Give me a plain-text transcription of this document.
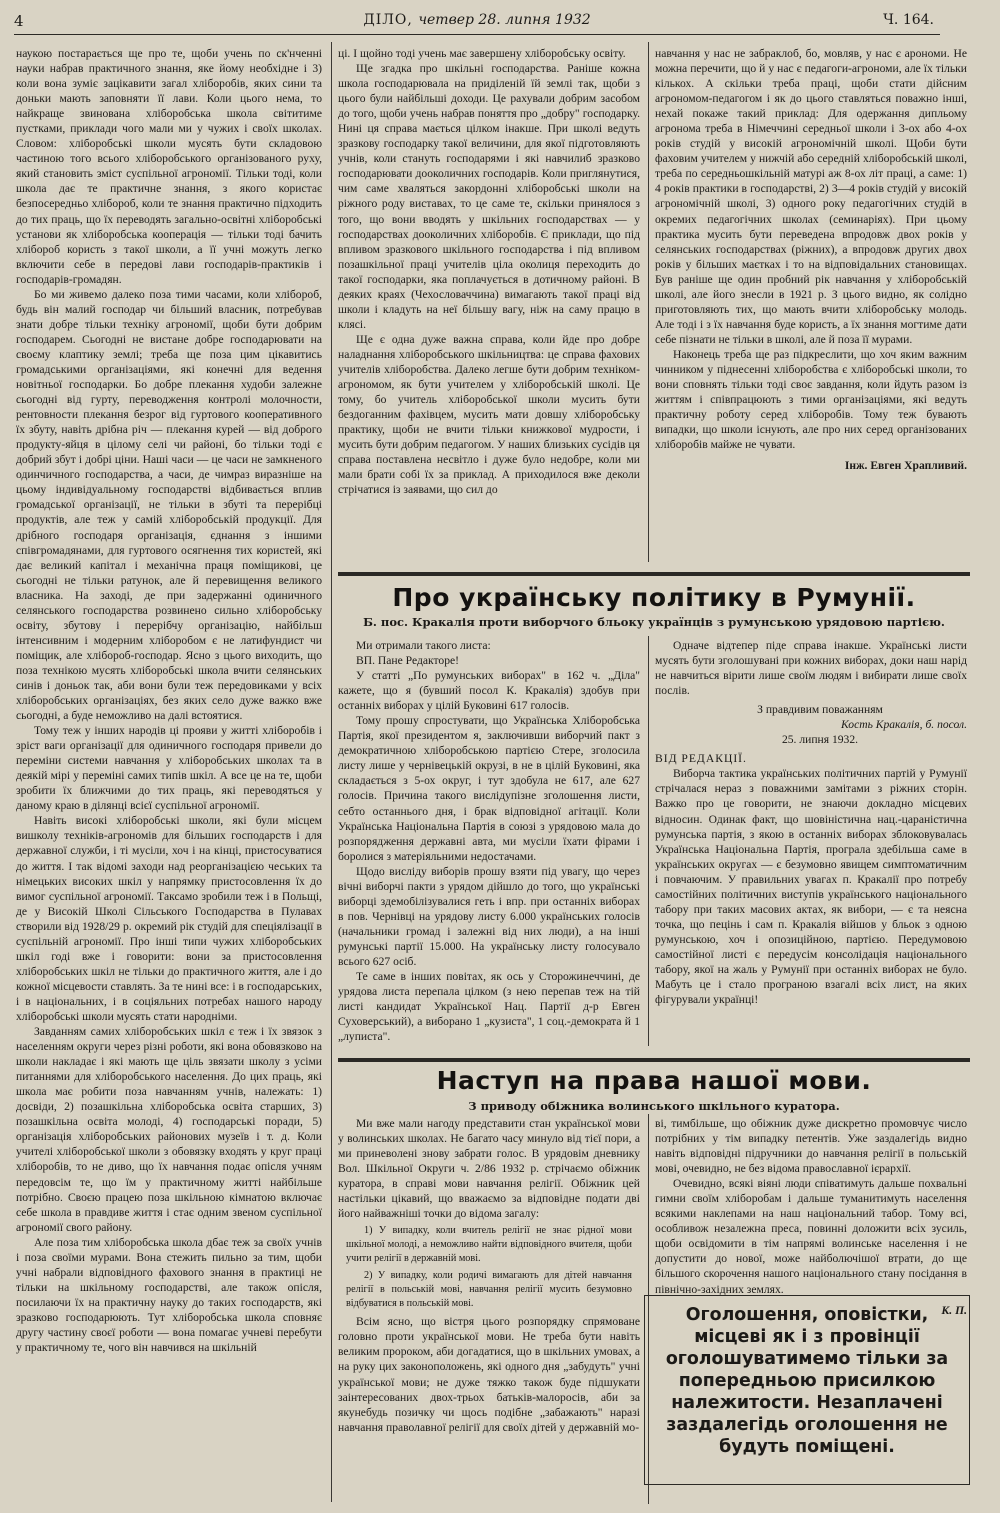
4	ДІЛО, четвер 28. липня 1932	Ч. 164.

наукою постарається ще про те, щоби учень по ск'нченні науки набрав практичного знання, яке йому необхідне і 3) коли вона зуміє зацікавити загал хліборобів, яких сини та доньки мають заповняти її лави. Коли цього нема, то найкраще звинована хліборобська школа світитиме пустками, приклади чого мали ми у чужих і своїх школах. Словом: хліборобські школи мусять бути складовою частиною того всього хліборобського організованого руху, який становить зміст суспільної агрономії. Тільки тоді, коли школа дає те практичне знання, з якого користає безпосередньо хлібороб, коли те знання практично підходить до тих праць, що їх переводять загально-освітні хліборобські установи як хліборобська кооперація — тільки тоді бачить хлібороб користь з такої школи, а її учні можуть легко включити себе в передові лави господарів-практиків і господарів-громадян.

Бо ми живемо далеко поза тими часами, коли хлібороб, будь він малий господар чи більший власник, потребував знати добре тільки техніку агрономії, щоби бути добрим господарем. Сьогодні не вистане добре господарювати на своєму клаптику землі; треба ще поза цим цікавитись громадськими організаціями, які конечні для ведення новітньої господарки. Бо добре плекання худоби залежне сьогодні від гурту, переводження контролі молочности, рентовности плекання безрог від гуртового кооперативного їх збуту, навіть дрібна річ — плекання курей — від доброго продукту-яйця в цілому селі чи районі, бо тільки тоді є добрий збут і добрі ціни. Наші часи — це часи не замкненого одинчичного господарства, а часи, де чимраз виразніше на цьому індивідуальному господарстві відбивається вплив громадської організації, не тільки в збуті та перерібці продуктів, але теж у самій хліборобській продукції. Для дрібного господаря організація, єднання з іншими співгромадянами, для гуртового осягнення тих користей, які дає великий капітал і механічна праця поміщикові, це сьогодні не тільки ратунок, але й перевищення великого власника. На заході, де при задержанні одиничного селянського господарства розвинено сильно хліборобську освіту, збутову і перерібчу організацію, найбільш інтенсивним і модерним хліборобом є не латифундист чи поміщик, але хлібороб-господар. Ясно з цього виходить, що поза технікою мусять хліборобські школа вчити селянських синів і доньок так, аби вони були теж передовиками у всіх хліборобських організаціях, без яких село дуже важко вже сьогодні, а буде неможливо на далі встоятися.

Тому теж у інших народів ці прояви у житті хліборобів і зріст ваги організації для одиничного господаря привели до переміни системи навчання у хліборобських школах та в деякій мірі у переміні самих типів шкіл. А все це на те, щоби зробити їх ближчими до тих праць, які переводяться у даному краю в ділянці всієї суспільної агрономії.

Навіть високі хліборобські школи, які були місцем вишколу техніків-агрономів для більших господарств і для державної служби, і ті мусіли, хоч і на кінці, пристосуватися до життя. І так відомі заходи над реорганізацією чеських та німецьких високих шкіл у напрямку пристосовлення їх до вимог суспільної агрономії. Таксамо зробили теж і в Польщі, де у Високій Школі Сільського Господарства в Пулавах створили від 1928/29 р. окремий рік студій для спеціялізації в суспільній агрономії. Про інші типи чужих хліборобських шкіл годі вже і говорити: вони за пристосовлення хліборобських шкіл не тільки до практичного життя, але і до кожної місцевости ставлять. За те нині все: і в господарських, і в національних, і в соціяльних потребах нашого народу хліборобські школи мусять стати народніми.

Завданням самих хліборобських шкіл є теж і їх звязок з населенням округи через різні роботи, які вона обовязково на школи накладає і які мають ще ціль звязати школу з усіми питаннями для хліборобського населення. До цих праць, які школа має робити поза навчанням учнів, належать: 1) досвіди, 2) позашкільна хліборобська освіта старших, 3) позашкільна освіта молоді, 4) господарські поради, 5) організація хліборобських районових музеїв і т. д. Коли учителі хліборобської школи з обовязку входять у круг праці хліборобів, то не диво, що їх навчання подає опісля учням передовсім те, що їм у практичному житті найбільше потрібно. Своєю працею поза шкільною кімнатою включає себе школа в правдиве життя і стає одним звеном суспільної агрономії свого району.

Але поза тим хліборобська школа дбає теж за своїх учнів і поза своїми мурами. Вона стежить пильно за тим, щоби учні набрали відповідного фахового знання в практиці не тільки на шкільному господарстві, але також опісля, посилаючи їх на практичну науку до таких господарств, які зразково господарюють. Тут хліборобська школа сповняє другу частину своєї роботи — вона помагає учневі перебути у практичному те, чого він навчився на шкільній

ці. І щойно тоді учень має завершену хліборобську освіту.

Ще згадка про шкільні господарства. Раніше кожна школа господарювала на приділеній їй землі так, щоби з цього були найбільші доходи. Це рахували добрим засобом до того, щоби учень набрав поняття про „добру" господарку. Нині ця справа мається цілком інакше. При школі ведуть зразкову господарку такої величини, для якої підготовляють учнів, коли стануть господарями і які навчилиб зразково господарювати дооколичних господарів. Коли приглянутися, чим саме хваляться закордонні хліборобські школи на ріжного роду виставах, то це саме те, скільки принялося з того, що вони вводять у шкільних господарствах — у господарствах дооколичних хліборобів. Є приклади, що під впливом зразкового шкільного господарства і під впливом позашкільної праці учителів ціла околиця переходить до такої господарки, яка поплачується в дотичному районі. В деяких краях (Чехословаччина) вимагають такої праці від школи і кладуть на неї більшу вагу, ніж на саму працю в клясі.

Ще є одна дуже важна справа, коли йде про добре наладнання хліборобського шкільництва: це справа фахових учителів хліборобства. Далеко легше бути добрим техніком-агрономом, як бути учителем у хліборобській школі. Це тому, бо учитель хліборобської школи мусить бути бездоганним фахівцем, мусить мати довшу хліборобську практику, щоби не вчити тільки книжкової мудрости, і мусить бути добрим педагогом. У наших близьких сусідів ця справа поставлена несвітло і дуже було недобре, коли ми мали брати собі їх за приклад. А приходилося вже деколи стрічатися із заявами, що сил до

навчання у нас не забраклоб, бо, мовляв, у нас є арономи. Не можна перечити, що й у нас є педагоги-агрономи, але їх тільки кількох. А скільки треба праці, щоби стати дійсним агрономом-педагогом і як до цього ставляться поважно інші, нехай покаже такий приклад: Для одержання дипльому агронома треба в Німеччині середньої школи і 3-ох або 4-ох років студій у високій агрономічній школі. Щоби бути фаховим учителем у нижчій або середній хліборобській школі, треба по середньошкільній матурі аж 8-ох літ праці, а саме: 1) 4 років практики в господарстві, 2) 3—4 років студій у високій агрономічній школі, 3) одного року педагогічних студій в окремих педагогічних школах (семинаріях). При цьому практика мусить бути переведена впродовж двох років у селянських господарствах (ріжних), а впродовж других двох років у більших маєтках і то на відповідальних становищах. Був раніше ще один пробний рік навчання у хліборобській школі, але його знесли в 1921 р. З цього видно, як солідно приготовляють тих, що мають вчити хліборобську молодь. Але тоді і з їх навчання буде користь, а їх знання могтиме дати себе пізнати не тільки в школі, але й поза її мурами.

Наконець треба ще раз підкреслити, що хоч яким важним чинником у піднесенні хліборобства є хліборобські школи, то вони сповнять тільки тоді своє завдання, коли йдуть разом із життям і співпрацюють з тими організаціями, які ведуть практичну роботу серед хліборобів. Тому теж бувають випадки, що школи існують, але про них серед організованих хліборобів майже не чувати.

Інж. Евген Храпливий.

Про українську політику в Румунії.
Б. пос. Кракалія проти виборчого бльоку українців з румунською урядовою партією.

Ми отримали такого листа:

ВП. Пане Редакторе!

У статті „По румунських виборах" в 162 ч. „Діла" кажете, що я (бувший посол К. Кракалія) здобув при останніх виборах у цілій Буковині 617 голосів.

Тому прошу спростувати, що Українська Хліборобська Партія, якої президентом я, заключивши виборчий пакт з демократичною хліборобською партією Стере, зголосила листу лише у чернівецькій окрузі, в не в цілій Буковині, яка складається з 5-ох округ, і тут здобула не 617, але 627 голосів. Причина такого вислідупізне зголошення листи, себто останнього дня, і брак відповідної агітації. Коли Українська Національна Партія в союзі з урядовою мала до розпорядження державні авта, ми мусіли їхати фірами і боролися з матеріяльними недостачами.

Щодо висліду виборів прошу взяти під увагу, що через вічні виборчі пакти з урядом дійшло до того, що українські виборці здемобілізувалися геть і впр. при останніх виборах в пов. Чернівці на урядову листу 6.000 українських голосів (начальники громад і залежні від них люди), а на інші румунські партії 15.000. На українську листу голосувало всього 627 осіб.

Те саме в інших повітах, як ось у Сторожинеччині, де урядова листа перепала цілком (з нею перепав теж на тій листі кандидат Української Нац. Партії д-р Евген Суховерський), а виборано 1 „кузиста", 1 соц.-демократа й 1 „луписта".

Одначе відтепер піде справа інакше. Українські листи мусять бути зголошувані при кожних виборах, доки наш нарід не навчиться вірити лише своїм людям і вибирати лише своїх послів.

З правдивим поважанням

Кость Кракалія, б. посол.

25. липня 1932.

ВІД РЕДАКЦІЇ.

Виборча тактика українських політичних партій у Румунії стрічалася нераз з поважними замітами з ріжних сторін. Важко про це говорити, не знаючи докладно місцевих відносин. Одинак факт, що шовіністична нац.-цараністична румунська партія, з якою в останніх виборах зблоковувалась Українська Національна Партія, програла здебільша саме в українських округах — є безумовно явищем симптоматичним і повчаючим. У правильних увагах п. Кракалії про потребу самостійних політичних виступів українського національного табору при таких масових актах, як вибори, — є та неясна точка, що пецінь і сам п. Кракалія війшов у бльок з одною румунською, хоч і опозиційною, партією. Передумовою самостійної листі є передусім консолідація національного табору, якої на жаль у Румунії при останніх виборах не було. Мабуть це і стало програною взагалі всіх лист, на яких фігурували українці!

Наступ на права нашої мови.
З приводу обіжника волинського шкільного куратора.

Ми вже мали нагоду представити стан української мови у волинських школах. Не багато часу минуло від тієї пори, а ми приневолені знову забрати голос. В урядовім дневнику Вол. Шкільної Округи ч. 2/86 1932 р. стрічаємо обіжник куратора, в справі мови навчання релігії. Обіжник цей настільки цікавий, що вважаємо за відповідне подати дві його найважніші точки до відома загалу:

1) У випадку, коли вчитель релігії не знає рідної мови шкільної молоді, а неможливо найти відповідного вчителя, щоби учити релігії в державній мові.

2) У випадку, коли родичі вимагають для дітей навчання релігії в польській мові, навчання релігії мусить безумовно відбуватися в польській мові.

Всім ясно, що вістря цього розпорядку спрямоване головно проти української мови. Не треба бути навіть великим пророком, аби догадатися, що в шкільних умовах, а на руку цих законоположень, які одного дня „забудуть" учні української мови; не дуже тяжко також буде підшукати заінтересованих двох-трьох батьків-малоросів, аби за якунебудь позичку чи щось подібне „забажають" наразі навчання праволавної релігії для своїх дітей у державній мо-

ві, тимбільше, що обіжник дуже дискретно промовчує число потрібних у тім випадку петентів. Уже заздалегідь видно навіть відповідні підручники до навчання релігії в польській мові, очевидно, не без відома православної ієрархії.

Очевидно, всякі віяні люди співатимуть дальше похвальні гимни своїм хліборобам і дальше туманитимуть населення всякими наклепами на наш національний табор. Тому всі, особливож незалежна преса, повинні доложити всіх зусиль, щоби освідомити в тім напрямі волинське населення і не допустити до нової, може найболючішої втрати, до ще більшого скорочення нашого національного стану посідання в північно-західних землях.

К. П.

Оголошення, оповістки, місцеві як і з провінції оголошуватимемо тільки за попередньою присилкою належитости. Незаплачені заздалегідь оголошення не будуть поміщені.
